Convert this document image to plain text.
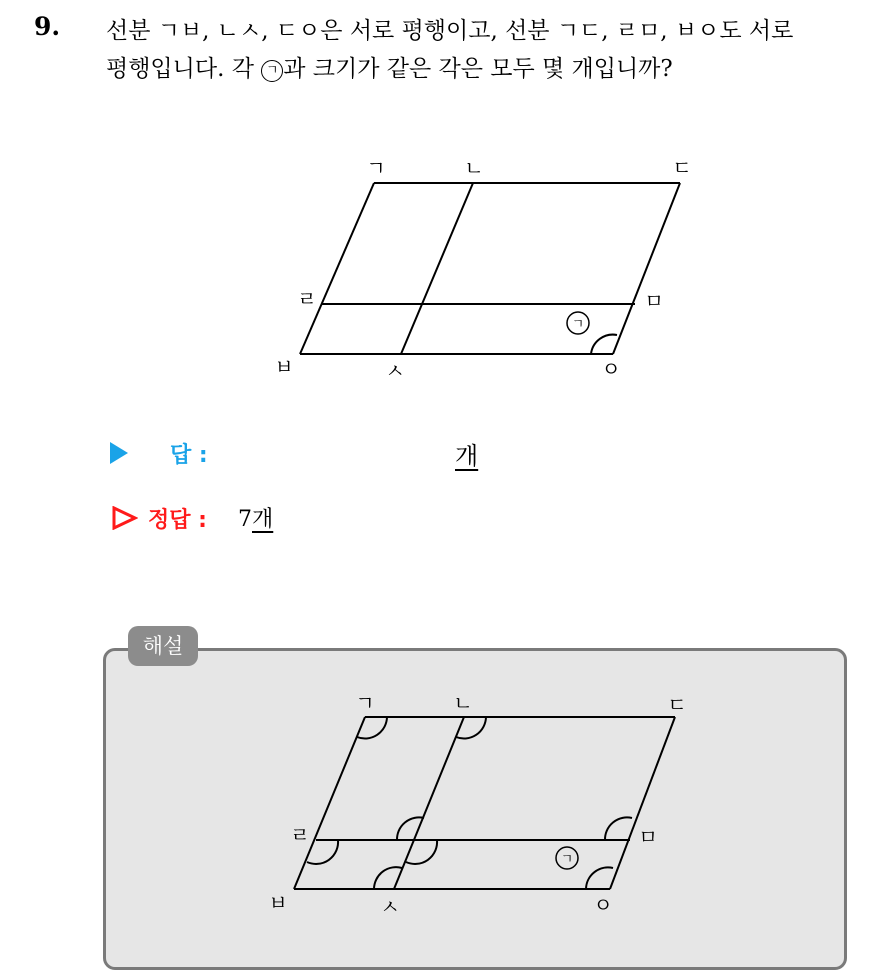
9. 선분 ㄱㅂ, ㄴㅅ, ㄷㅇ은 서로 평행이고, 선분 ㄱㄷ, ㄹㅁ, ㅂㅇ도 서로
평행입니다. 각 ㄱ 과 크기가 같은 각은 모두 몇 개입니까?
ㄱ
ㄱ	ㄴ	ㄷ
ㄹ	ㅁ
ㅂ	ㅅ	ㅇ
답 :	개
정답 : 7개
해설
ㄱ
ㄱ	ㄴ	ㄷ
ㄹ	ㅁ
ㅂ	ㅅ	ㅇ
